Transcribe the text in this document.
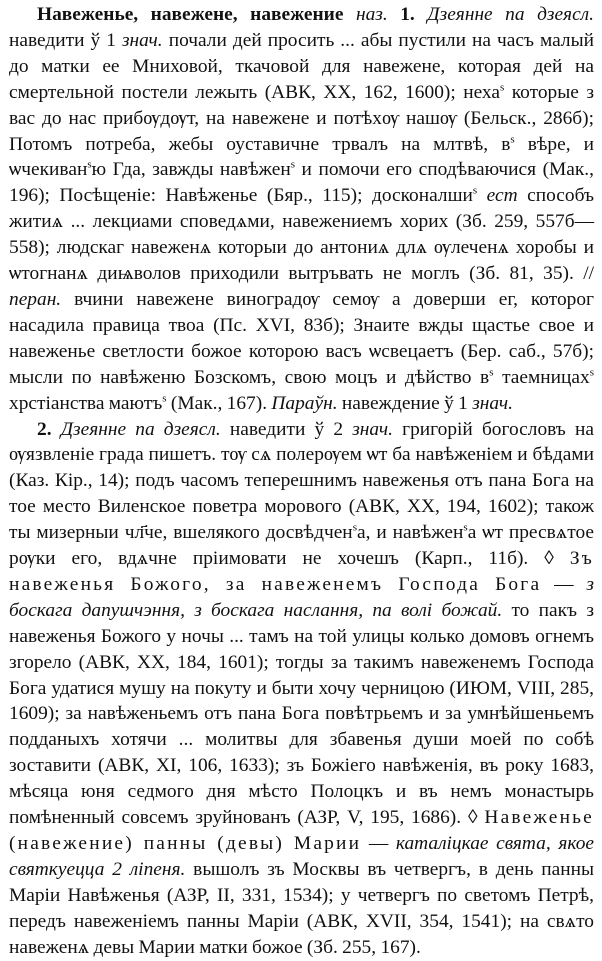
Навеженье, навежене, навежение наз. 1. Дзеянне па дзеясл. наведити ў 1 знач. почали дей просить ... абы пустили на часъ малый до матки ее Мниховой, ткачовой для навежене, которая дей на смертельной постели лежыть (АВК, XX, 162, 1600); неха$^s$ которые з вас до нас прибѹдѹт, на навежене и потѣхѹ нашѹ (Бельск., 286б); Потомъ потреба, жебы оуставичне трвалъ на млтвѣ, $в^s$ вѣре, и ѡчекиван$^s$ю Гда, завжды навѣжен$^s$ и помочи его сподѣваючися (Мак., 196); Посѣщеніе: Навѣженье (Бяр., 115); досконалши$^s$ ест способъ житиѧ ... лекциами споведѧми, навежениемъ хорих (Зб. 259, 557б—558); людскаг навеженѧ которыи до антониѧ длѧ ѹлеченѧ хоробы и ѡтогнанѧ диѩволов приходили вытръвать не моглъ (Зб. 81, 35). // перан. вчини навежене виноградѹ семѹ а доверши ег, которог насадила правица твоа (Пс. XVI, 83б); Знаите вжды щастье свое и навеженье светлости божое которою васъ ѡсвецаетъ (Бер. саб., 57б); мысли по навѣженю Бозскомъ, свою моцъ и дѣйство $в^s$ таемницах$^s$ хрстіанства маютъ$^s$ (Мак., 167). Параўн. навеждение ў 1 знач.

2. Дзеянне па дзеясл. наведити ў 2 знач. григорій богословъ на ѹязвленіе града пишетъ. тѹ сѧ полерѹем ѡт ба навѣженіем и бѣдами (Каз. Кір., 14); подъ часомъ теперешнимъ навеженья отъ пана Бога на тое место Виленское повeтра морового (АВК, XX, 194, 1602); також ты мизерныи чл҃че, вшелякого досвѣдчен$^s$а, и навѣжен$^s$а ѡт пресвѧтое рѹки его, вдѧчне пріимовати не хочешъ (Карп., 11б). ◊ Зъ навеженья Божого, за навеженемъ Господа Бога — з боскага дапушчэння, з боскага наслання, па волі божай. то пакъ з навеженья Божого у ночы ... тамъ на той улицы колько домовъ огнемъ згорело (АВК, XX, 184, 1601); тогды за такимъ навеженемъ Господа Бога удатися мушу на покуту и быти хочу черницою (ИЮМ, VIII, 285, 1609); за навѣженьемъ отъ пана Бога повѣтрьемъ и за умнѣйшеньемъ подданыхъ хотячи ... молитвы для збавенья души моей по собѣ зоставити (АВК, XI, 106, 1633); зъ Божіего навѣженія, въ року 1683, мѣсяца юня седмого дня мѣсто Полоцкъ и въ немъ монастырь помѣненный совсемъ зруйнованъ (АЗР, V, 195, 1686). ◊ Навеженье (навежение) панны (девы) Марии — каталіцкае свята, якое святкуецца 2 ліпеня. вышолъ зъ Москвы въ четвергъ, в день панны Маріи Навѣженья (АЗР, II, 331, 1534); у четвергъ по светомъ Петрѣ, передъ навеженіемъ панны Маріи (АВК, XVII, 354, 1541); на свѧто навеженѧ девы Марии матки божое (Зб. 255, 167).
